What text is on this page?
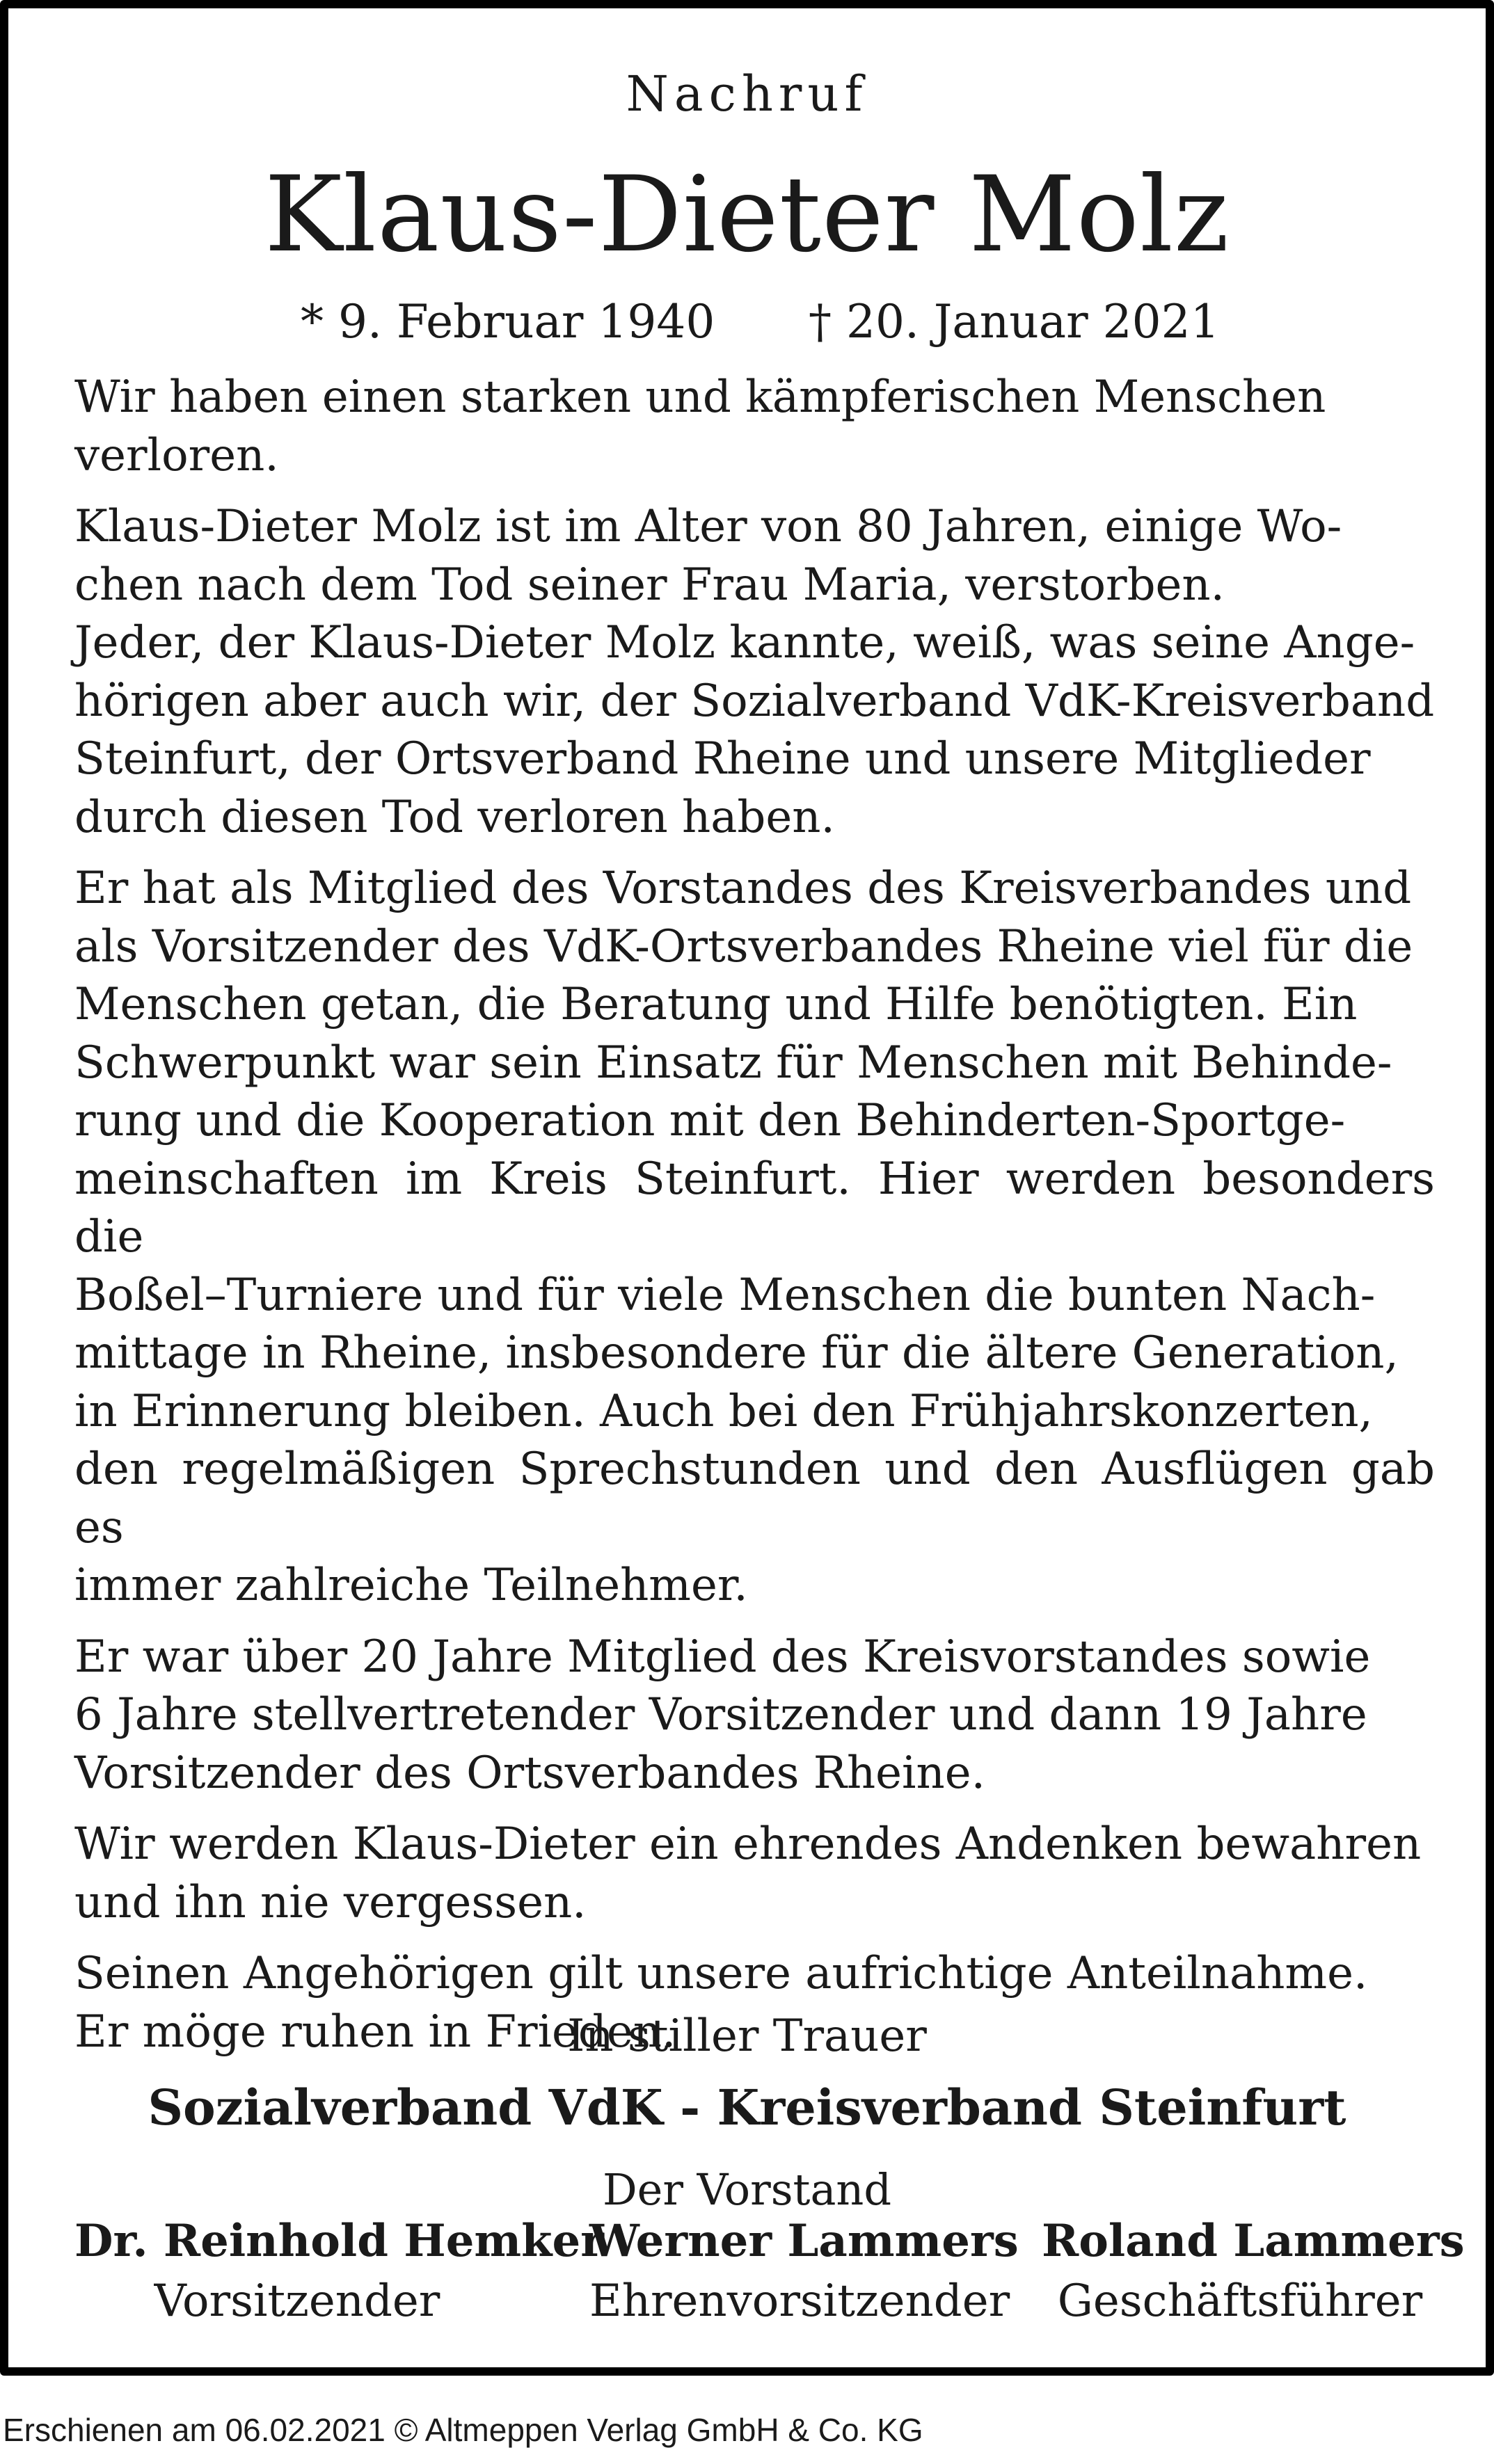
Nachruf
Klaus-Dieter Molz
* 9. Februar 1940 † 20. Januar 2021

Wir haben einen starken und kämpferischen Menschen
verloren.

Klaus-Dieter Molz ist im Alter von 80 Jahren, einige Wo-
chen nach dem Tod seiner Frau Maria, verstorben.
Jeder, der Klaus-Dieter Molz kannte, weiß, was seine Ange-
hörigen aber auch wir, der Sozialverband VdK-Kreisverband
Steinfurt, der Ortsverband Rheine und unsere Mitglieder
durch diesen Tod verloren haben.

Er hat als Mitglied des Vorstandes des Kreisverbandes und
als Vorsitzender des VdK-Ortsverbandes Rheine viel für die
Menschen getan, die Beratung und Hilfe benötigten. Ein
Schwerpunkt war sein Einsatz für Menschen mit Behinde-
rung und die Kooperation mit den Behinderten-Sportge-
meinschaften im Kreis Steinfurt. Hier werden besonders die
Boßel–Turniere und für viele Menschen die bunten Nach-
mittage in Rheine, insbesondere für die ältere Generation,
in Erinnerung bleiben. Auch bei den Frühjahrskonzerten,
den regelmäßigen Sprechstunden und den Ausflügen gab es
immer zahlreiche Teilnehmer.

Er war über 20 Jahre Mitglied des Kreisvorstandes sowie
6 Jahre stellvertretender Vorsitzender und dann 19 Jahre
Vorsitzender des Ortsverbandes Rheine.

Wir werden Klaus-Dieter ein ehrendes Andenken bewahren
und ihn nie vergessen.

Seinen Angehörigen gilt unsere aufrichtige Anteilnahme.
Er möge ruhen in Frieden.

In stiller Trauer
Sozialverband VdK - Kreisverband Steinfurt
Der Vorstand
Dr. Reinhold Hemker
Vorsitzender
Werner Lammers
Ehrenvorsitzender
Roland Lammers
Geschäftsführer
Erschienen am 06.02.2021 © Altmeppen Verlag GmbH & Co. KG
